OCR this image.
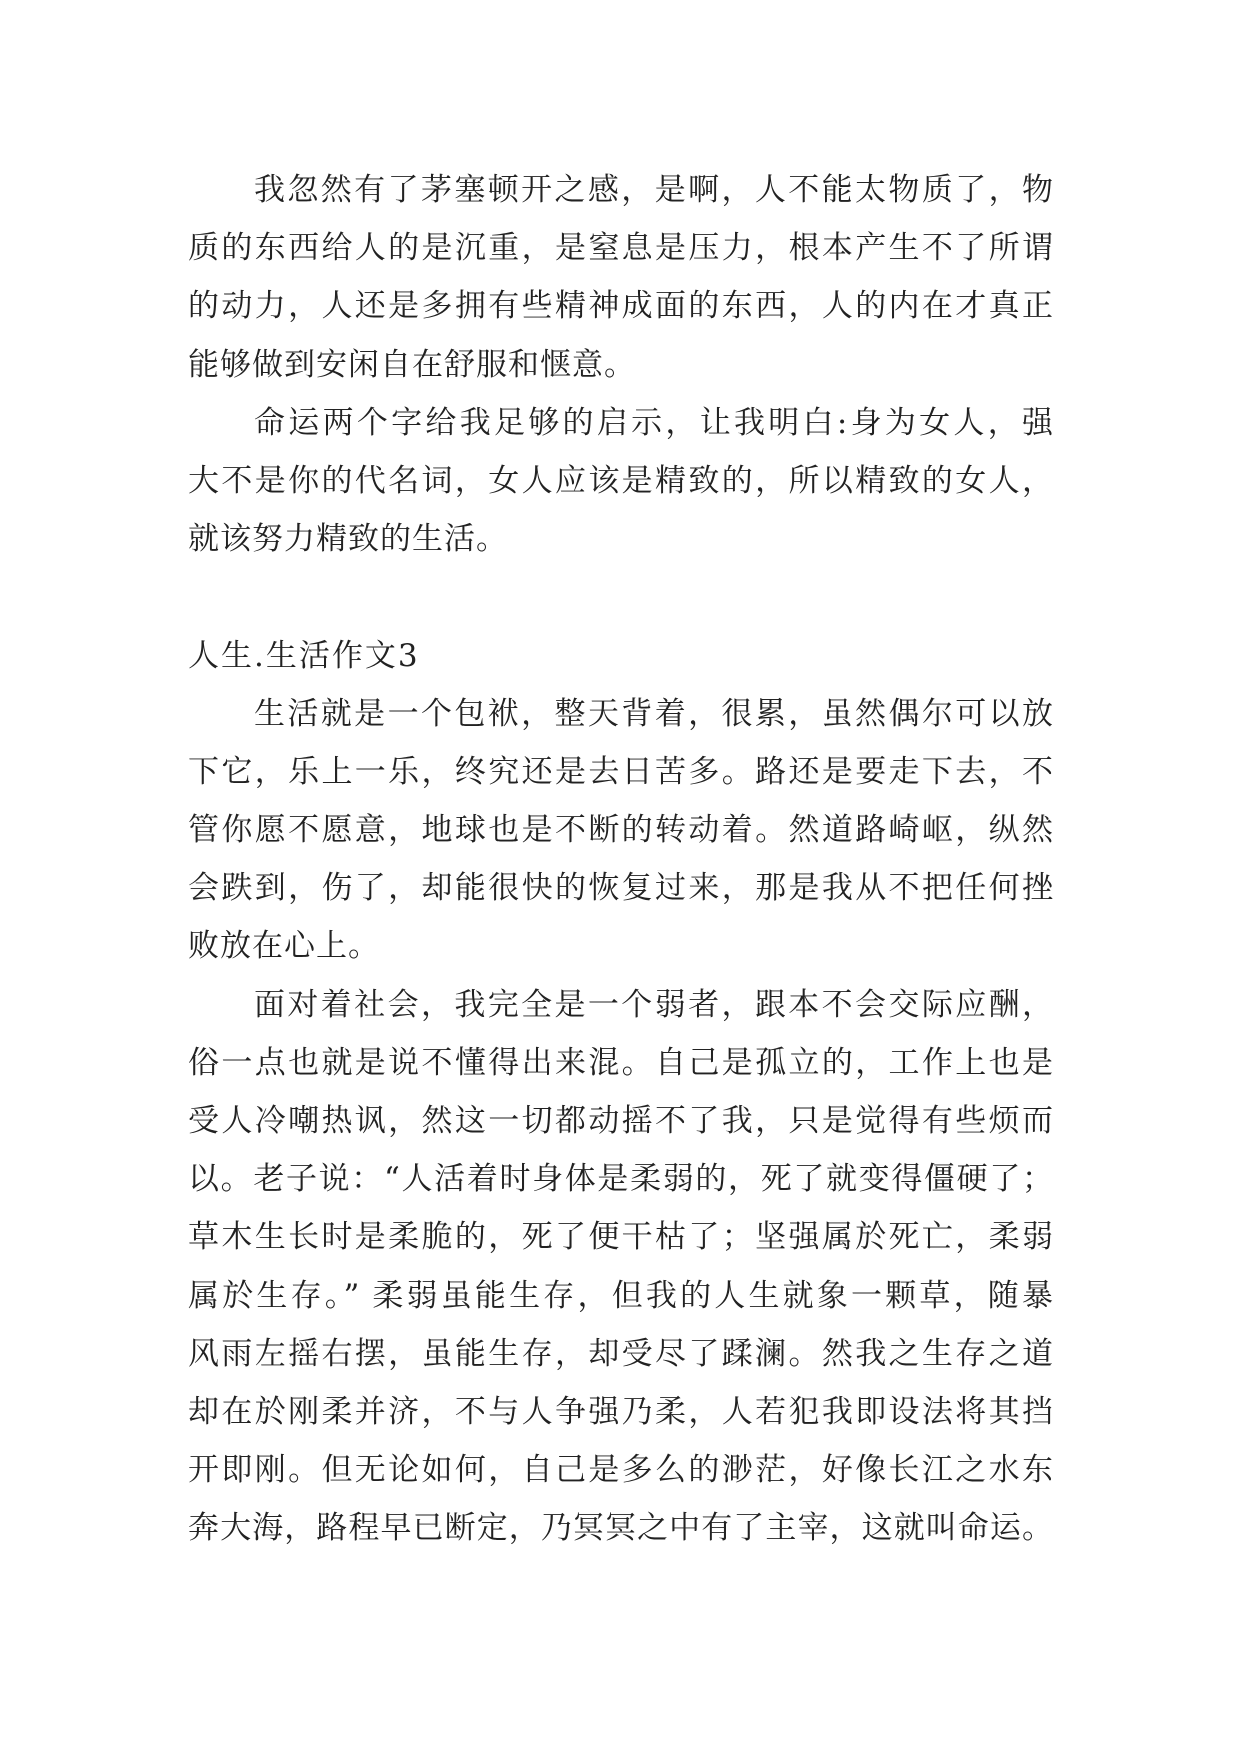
我忽然有了茅塞顿开之感，是啊，人不能太物质了，物
质的东西给人的是沉重，是窒息是压力，根本产生不了所谓
的动力，人还是多拥有些精神成面的东西，人的内在才真正
能够做到安闲自在舒服和惬意。
命运两个字给我足够的启示，让我明白:身为女人，强
大不是你的代名词，女人应该是精致的，所以精致的女人，
就该努力精致的生活。
人生.生活作文3
生活就是一个包袱，整天背着，很累，虽然偶尔可以放
下它，乐上一乐，终究还是去日苦多。路还是要走下去，不
管你愿不愿意，地球也是不断的转动着。然道路崎岖，纵然
会跌到，伤了，却能很快的恢复过来，那是我从不把任何挫
败放在心上。
面对着社会，我完全是一个弱者，跟本不会交际应酬，
俗一点也就是说不懂得出来混。自己是孤立的，工作上也是
受人冷嘲热讽，然这一切都动摇不了我，只是觉得有些烦而
以。老子说：“人活着时身体是柔弱的，死了就变得僵硬了；
草木生长时是柔脆的，死了便干枯了；坚强属於死亡，柔弱
属於生存。” 柔弱虽能生存，但我的人生就象一颗草，随暴
风雨左摇右摆，虽能生存，却受尽了蹂澜。然我之生存之道
却在於刚柔并济，不与人争强乃柔，人若犯我即设法将其挡
开即刚。但无论如何，自己是多么的渺茫，好像长江之水东
奔大海，路程早已断定，乃冥冥之中有了主宰，这就叫命运。
